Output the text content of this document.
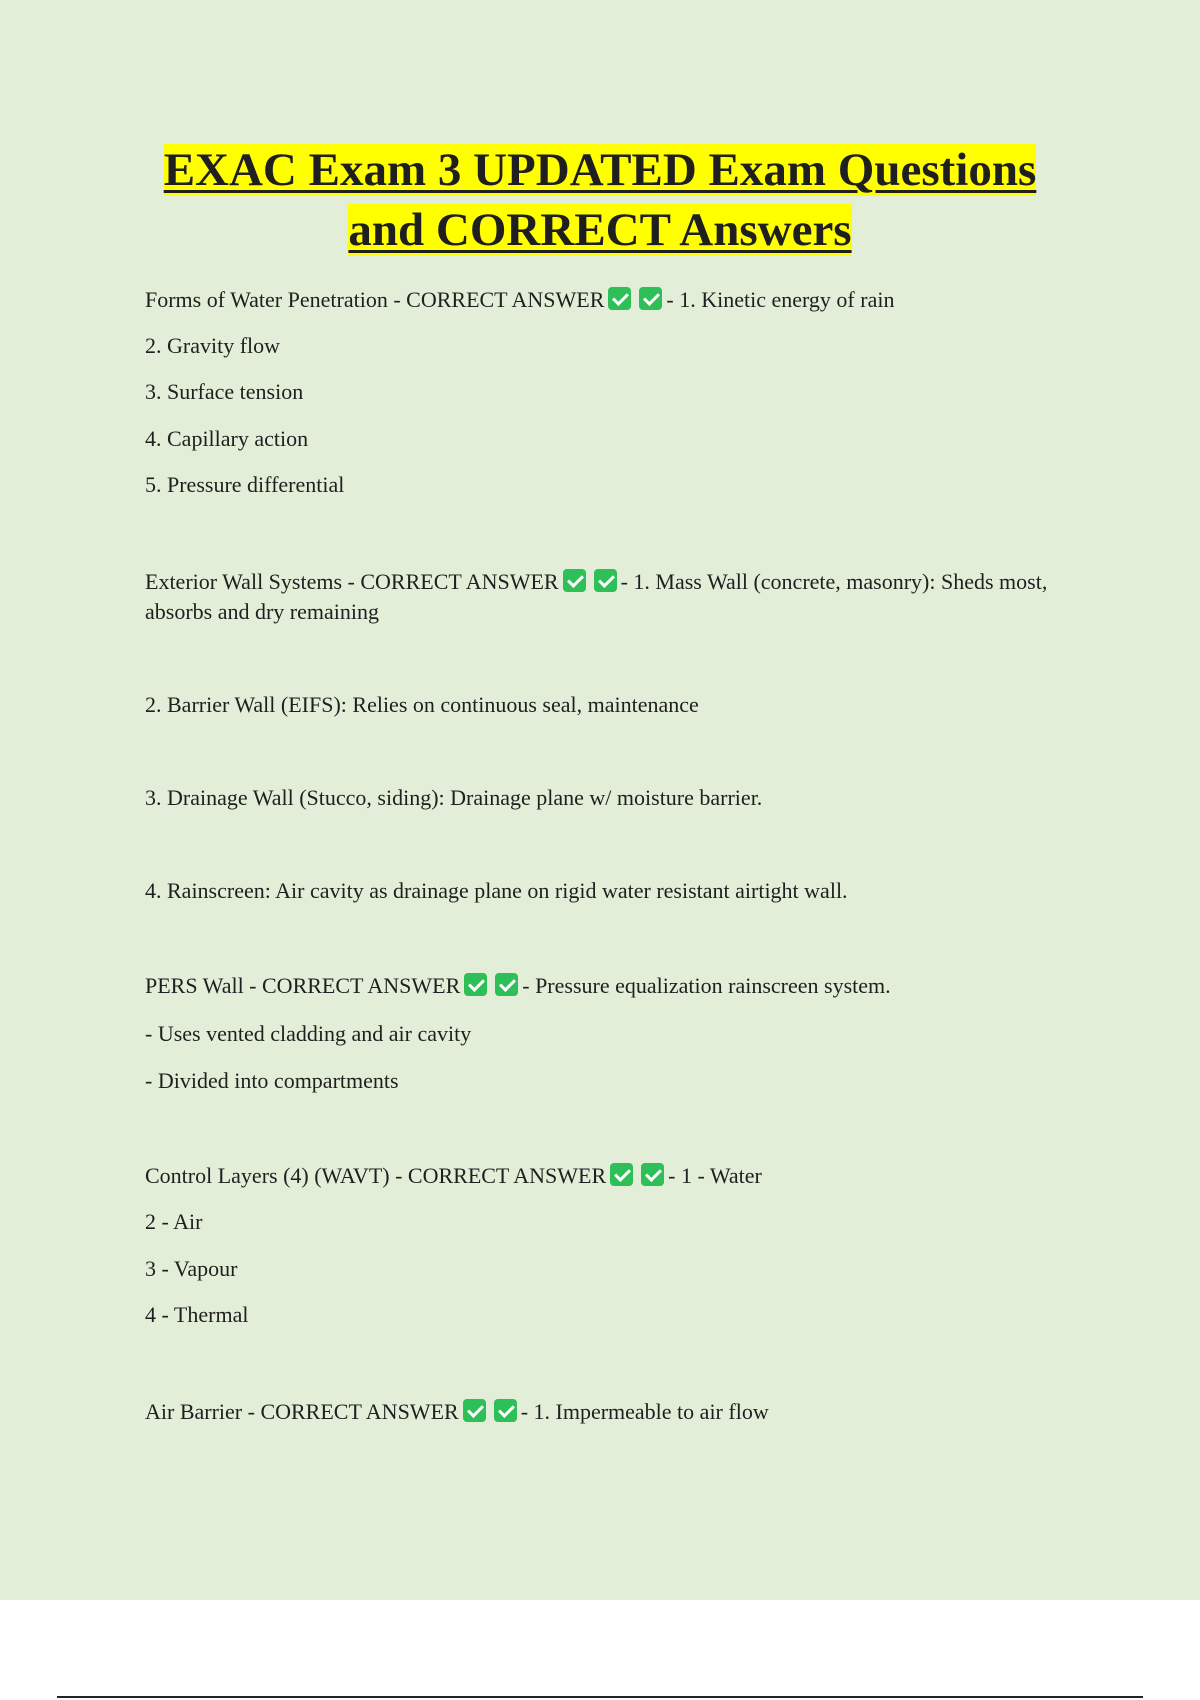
EXAC Exam 3 UPDATED Exam Questions
and CORRECT Answers

Forms of Water Penetration - CORRECT ANSWER	- 1. Kinetic energy of rain

2. Gravity flow

3. Surface tension

4. Capillary action

5. Pressure differential

Exterior Wall Systems - CORRECT ANSWER	- 1. Mass Wall (concrete, masonry): Sheds most, absorbs and dry remaining

2. Barrier Wall (EIFS): Relies on continuous seal, maintenance

3. Drainage Wall (Stucco, siding): Drainage plane w/ moisture barrier.

4. Rainscreen: Air cavity as drainage plane on rigid water resistant airtight wall.

PERS Wall - CORRECT ANSWER	- Pressure equalization rainscreen system.

- Uses vented cladding and air cavity

- Divided into compartments

Control Layers (4) (WAVT) - CORRECT ANSWER	- 1 - Water

2 - Air

3 - Vapour

4 - Thermal

Air Barrier - CORRECT ANSWER	- 1. Impermeable to air flow
